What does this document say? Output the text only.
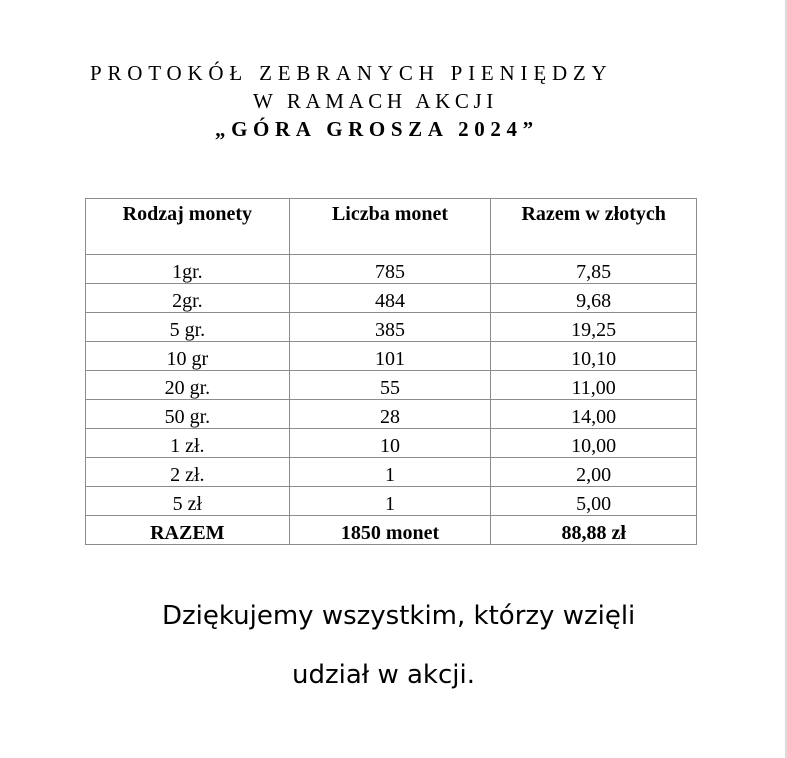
PROTOKÓŁ ZEBRANYCH PIENIĘDZY
W RAMACH AKCJI
„GÓRA GROSZA 2024”
Rodzaj monety	Liczba monet	Razem w złotych
1gr.	785	7,85
2gr.	484	9,68
5 gr.	385	19,25
10 gr	101	10,10
20 gr.	55	11,00
50 gr.	28	14,00
1 zł.	10	10,00
2 zł.	1	2,00
5 zł	1	5,00
RAZEM	1850 monet	88,88 zł
Dziękujemy wszystkim, którzy wzięli
udział w akcji.
